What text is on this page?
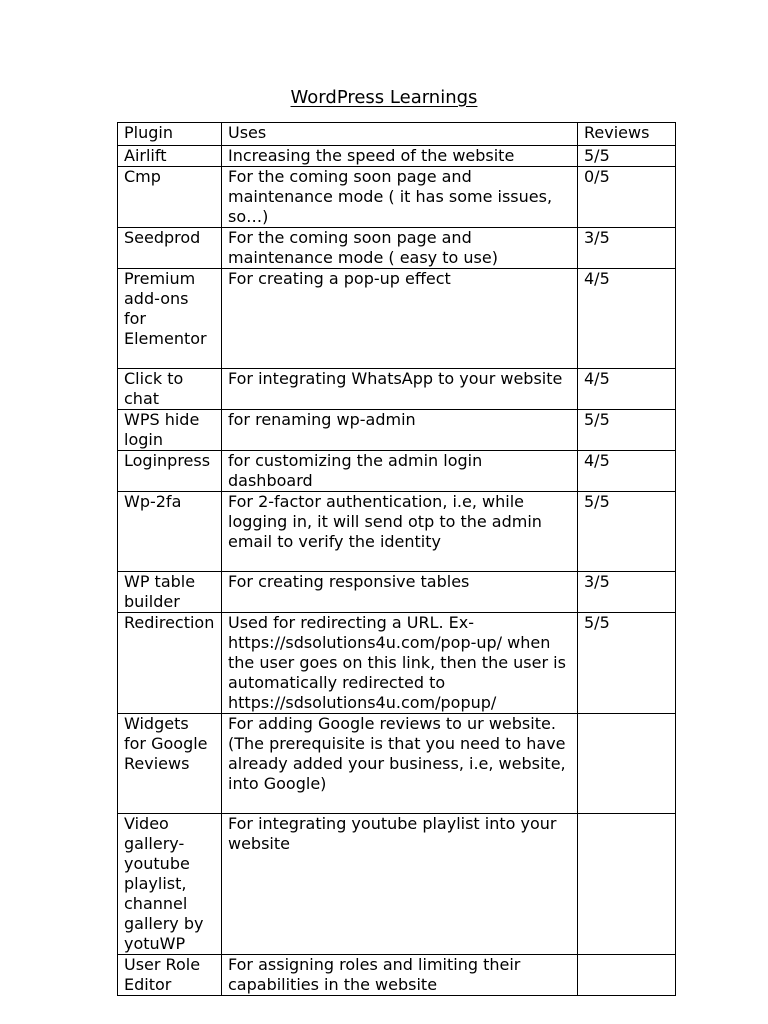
WordPress Learnings
Plugin	Uses	Reviews
Airlift	Increasing the speed of the website	5/5
Cmp	For the coming soon page and maintenance mode ( it has some issues, so…)	0/5
Seedprod	For the coming soon page and maintenance mode ( easy to use)	3/5
Premium add-ons for Elementor	For creating a pop-up effect	4/5
Click to chat	For integrating WhatsApp to your website	4/5
WPS hide login	for renaming wp-admin	5/5
Loginpress	for customizing the admin login dashboard	4/5
Wp-2fa	For 2-factor authentication, i.e, while logging in, it will send otp to the admin email to verify the identity	5/5
WP table builder	For creating responsive tables	3/5
Redirection	Used for redirecting a URL. Ex- https://sdsolutions4u.com/pop-up/ when the user goes on this link, then the user is automatically redirected to https://sdsolutions4u.com/popup/	5/5
Widgets for Google Reviews	For adding Google reviews to ur website.
(The prerequisite is that you need to have already added your business, i.e, website, into Google)	
Video gallery- youtube playlist, channel gallery by yotuWP	For integrating youtube playlist into your website	
User Role Editor	For assigning roles and limiting their capabilities in the website	
